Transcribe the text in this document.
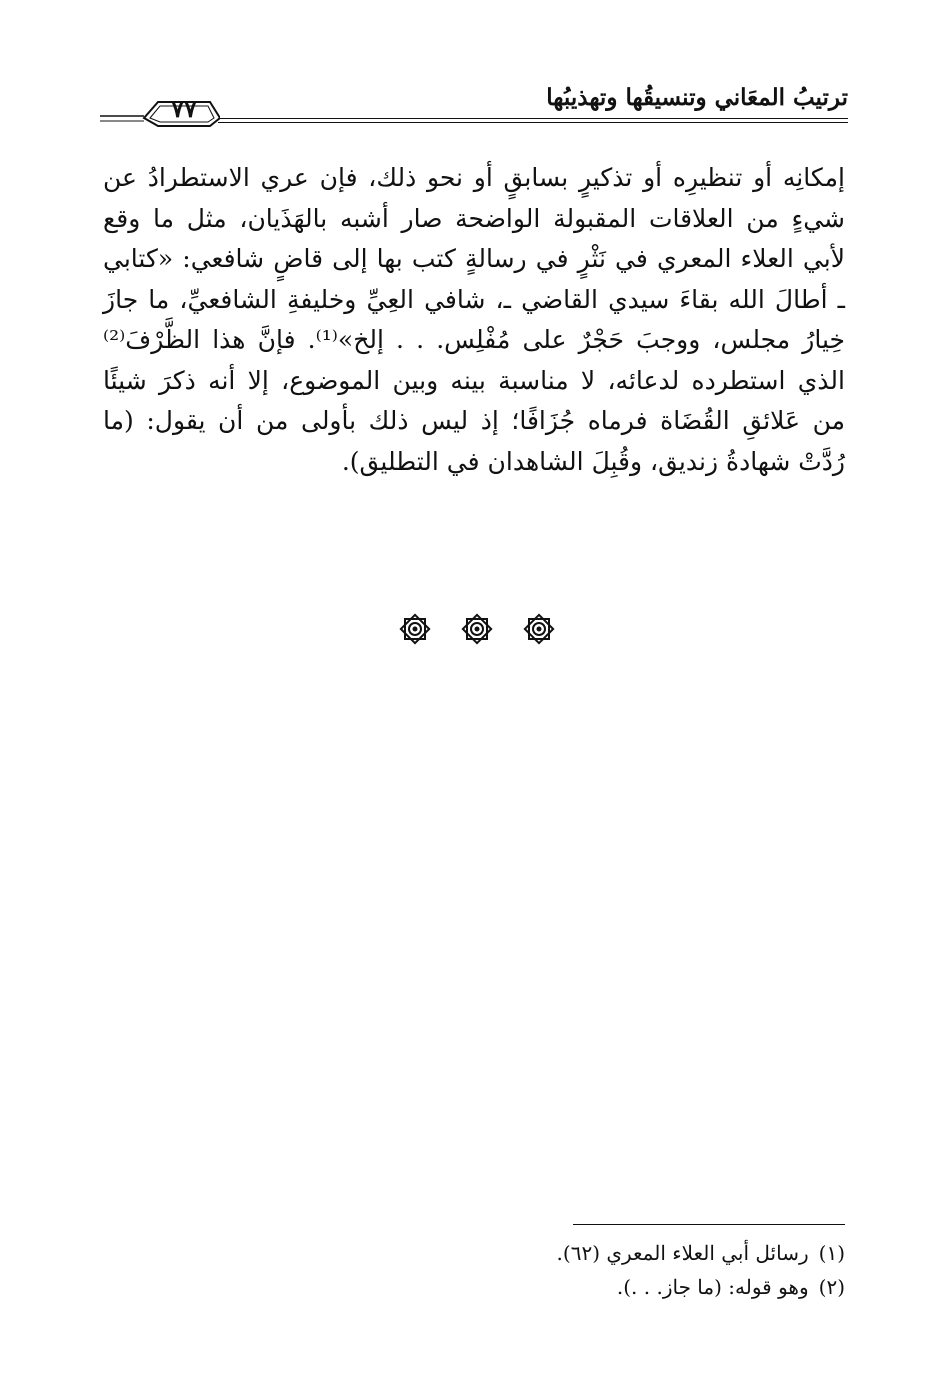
ترتيبُ المعَاني وتنسيقُها وتهذيبُها
٧٧
إمكانِه أو تنظيرِه أو تذكيرٍ بسابقٍ أو نحو ذلك، فإن عري الاستطرادُ عن
شيءٍ من العلاقات المقبولة الواضحة صار أشبه بالهَذَيان، مثل ما وقع
لأبي العلاء المعري في نَثْرٍ في رسالةٍ كتب بها إلى قاضٍ شافعي: «كتابي
ـ أطالَ الله بقاءَ سيدي القاضي ـ، شافي العِيِّ وخليفةِ الشافعيِّ، ما جازَ
خِيارُ مجلس، ووجبَ حَجْرٌ على مُفْلِس. . . إلخ»⁽¹⁾. فإنَّ هذا الظَّرْفَ⁽²⁾
الذي استطرده لدعائه، لا مناسبة بينه وبين الموضوع، إلا أنه ذكرَ شيئًا
من عَلائقِ القُضَاة فرماه جُزَافًا؛ إذ ليس ذلك بأولى من أن يقول: (ما
رُدَّتْ شهادةُ زنديق، وقُبِلَ الشاهدان في التطليق).
(١)رسائل أبي العلاء المعري (٦٢).
(٢)وهو قوله: (ما جاز. . .).
